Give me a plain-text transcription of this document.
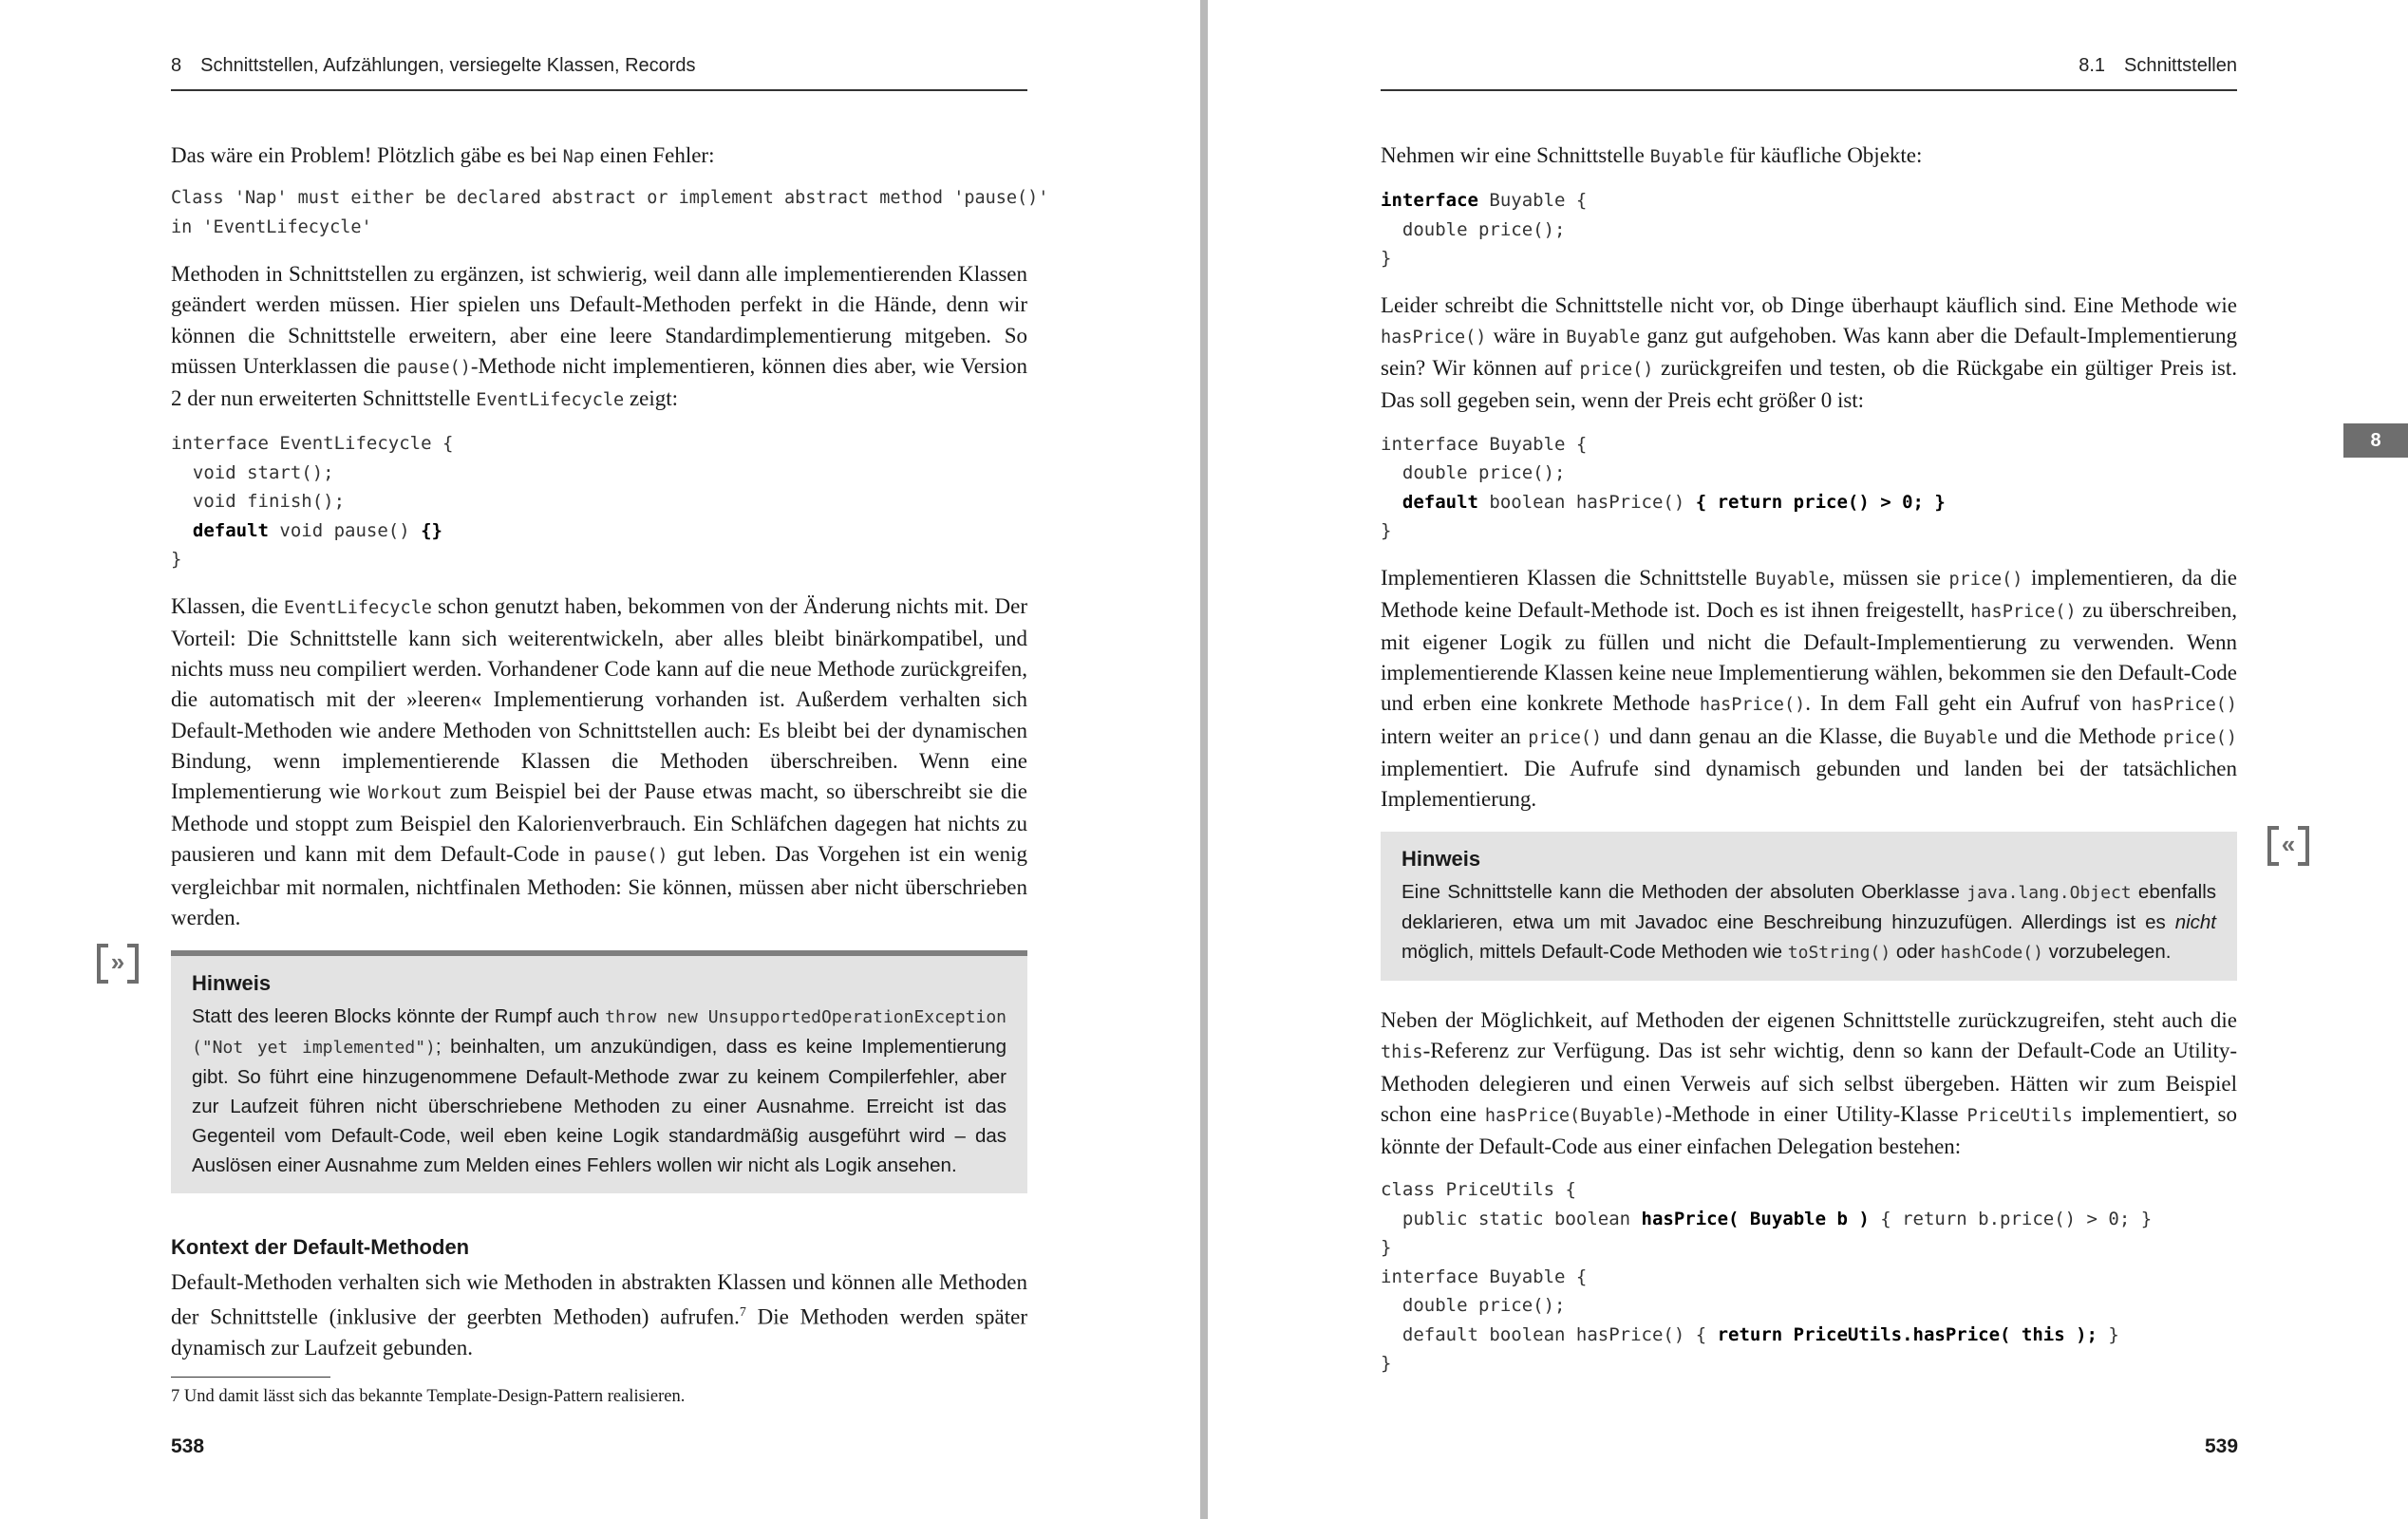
8 Schnittstellen, Aufzählungen, versiegelte Klassen, Records
»

Das wäre ein Problem! Plötzlich gäbe es bei Nap einen Fehler:

Class 'Nap' must either be declared abstract or implement abstract method 'pause()'
in 'EventLifecycle'

Methoden in Schnittstellen zu ergänzen, ist schwierig, weil dann alle implementierenden Klassen geändert werden müssen. Hier spielen uns Default-Methoden perfekt in die Hände, denn wir können die Schnittstelle erweitern, aber eine leere Standardimplementierung mitgeben. So müssen Unterklassen die pause()-Methode nicht implementieren, können dies aber, wie Version 2 der nun erweiterten Schnittstelle EventLifecycle zeigt:

interface EventLifecycle {
void start();
void finish();
default void pause() {}
}

Klassen, die EventLifecycle schon genutzt haben, bekommen von der Änderung nichts mit. Der Vorteil: Die Schnittstelle kann sich weiterentwickeln, aber alles bleibt binärkompatibel, und nichts muss neu compiliert werden. Vorhandener Code kann auf die neue Methode zurückgreifen, die automatisch mit der »leeren« Implementierung vorhanden ist. Außerdem verhalten sich Default-Methoden wie andere Methoden von Schnittstellen auch: Es bleibt bei der dynamischen Bindung, wenn implementierende Klassen die Methoden überschreiben. Wenn eine Implementierung wie Workout zum Beispiel bei der Pause etwas macht, so überschreibt sie die Methode und stoppt zum Beispiel den Kalorienverbrauch. Ein Schläfchen dagegen hat nichts zu pausieren und kann mit dem Default-Code in pause() gut leben. Das Vorgehen ist ein wenig vergleichbar mit normalen, nichtfinalen Methoden: Sie können, müssen aber nicht überschrieben werden.

Hinweis
Statt des leeren Blocks könnte der Rumpf auch throw new UnsupportedOperationException ("Not yet implemented"); beinhalten, um anzukündigen, dass es keine Implementierung gibt. So führt eine hinzugenommene Default-Methode zwar zu keinem Compilerfehler, aber zur Laufzeit führen nicht überschriebene Methoden zu einer Ausnahme. Erreicht ist das Gegenteil vom Default-Code, weil eben keine Logik standardmäßig ausgeführt wird – das Auslösen einer Ausnahme zum Melden eines Fehlers wollen wir nicht als Logik ansehen.
Kontext der Default-Methoden

Default-Methoden verhalten sich wie Methoden in abstrakten Klassen und können alle Methoden der Schnittstelle (inklusive der geerbten Methoden) aufrufen.$^7$ Die Methoden werden später dynamisch zur Laufzeit gebunden.

7 Und damit lässt sich das bekannte Template-Design-Pattern realisieren.
538
8.1 Schnittstellen
8
«

Nehmen wir eine Schnittstelle Buyable für käufliche Objekte:

interface Buyable {
double price();
}

Leider schreibt die Schnittstelle nicht vor, ob Dinge überhaupt käuflich sind. Eine Methode wie hasPrice() wäre in Buyable ganz gut aufgehoben. Was kann aber die Default-Implementierung sein? Wir können auf price() zurückgreifen und testen, ob die Rückgabe ein gültiger Preis ist. Das soll gegeben sein, wenn der Preis echt größer 0 ist:

interface Buyable {
double price();
default boolean hasPrice() { return price() > 0; }
}

Implementieren Klassen die Schnittstelle Buyable, müssen sie price() implementieren, da die Methode keine Default-Methode ist. Doch es ist ihnen freigestellt, hasPrice() zu überschreiben, mit eigener Logik zu füllen und nicht die Default-Implementierung zu verwenden. Wenn implementierende Klassen keine neue Implementierung wählen, bekommen sie den Default-Code und erben eine konkrete Methode hasPrice(). In dem Fall geht ein Aufruf von hasPrice() intern weiter an price() und dann genau an die Klasse, die Buyable und die Methode price() implementiert. Die Aufrufe sind dynamisch gebunden und landen bei der tatsächlichen Implementierung.

Hinweis
Eine Schnittstelle kann die Methoden der absoluten Oberklasse java.lang.Object ebenfalls deklarieren, etwa um mit Javadoc eine Beschreibung hinzuzufügen. Allerdings ist es nicht möglich, mittels Default-Code Methoden wie toString() oder hashCode() vorzubelegen.

Neben der Möglichkeit, auf Methoden der eigenen Schnittstelle zurückzugreifen, steht auch die this-Referenz zur Verfügung. Das ist sehr wichtig, denn so kann der Default-Code an Utility-Methoden delegieren und einen Verweis auf sich selbst übergeben. Hätten wir zum Beispiel schon eine hasPrice(Buyable)-Methode in einer Utility-Klasse PriceUtils implementiert, so könnte der Default-Code aus einer einfachen Delegation bestehen:

class PriceUtils {
public static boolean hasPrice( Buyable b ) { return b.price() > 0; }
}
interface Buyable {
double price();
default boolean hasPrice() { return PriceUtils.hasPrice( this ); }
}
539
